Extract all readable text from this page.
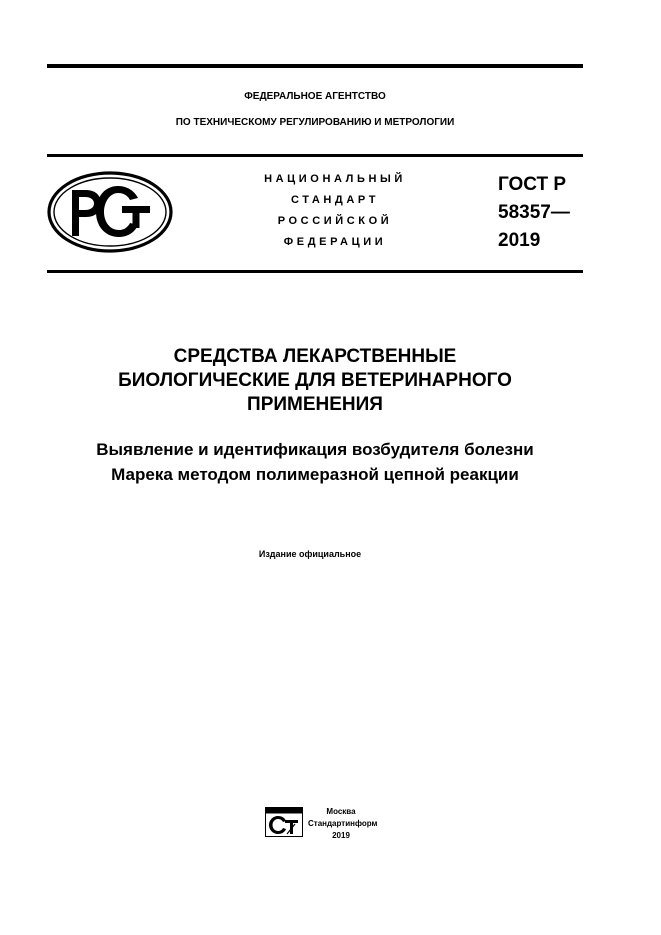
ФЕДЕРАЛЬНОЕ АГЕНТСТВО
ПО ТЕХНИЧЕСКОМУ РЕГУЛИРОВАНИЮ И МЕТРОЛОГИИ
НАЦИОНАЛЬНЫЙ
СТАНДАРТ
РОССИЙСКОЙ
ФЕДЕРАЦИИ
ГОСТ Р
58357—
2019
СРЕДСТВА ЛЕКАРСТВЕННЫЕ
БИОЛОГИЧЕСКИЕ ДЛЯ ВЕТЕРИНАРНОГО
ПРИМЕНЕНИЯ
Выявление и идентификация возбудителя болезни
Марека методом полимеразной цепной реакции
Издание официальное
Москва
Стандартинформ
2019
